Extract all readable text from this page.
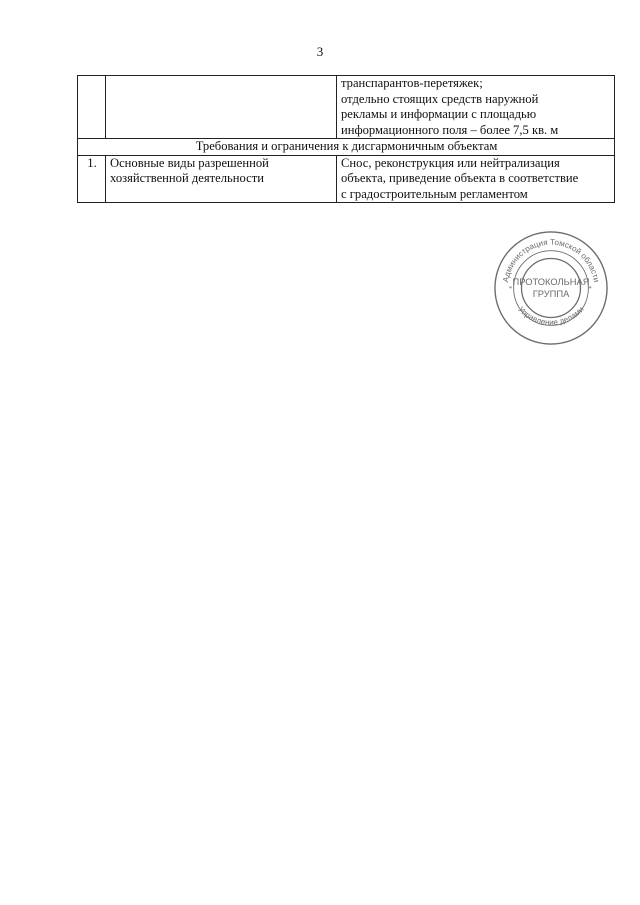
3

		транспарантов-перетяжек;
отдельно стоящих средств наружной
рекламы и информации с площадью
информационного поля – более 7,5 кв. м

Требования и ограничения к дисгармоничным объектам		
1.	Основные виды разрешенной
хозяйственной деятельности	Снос, реконструкция или нейтрализация
объекта, приведение объекта в соответствие
с градостроительным регламентом
*	*
Администрация Томской области
Управление делами
ПРОТОКОЛЬНАЯ
ГРУППА
